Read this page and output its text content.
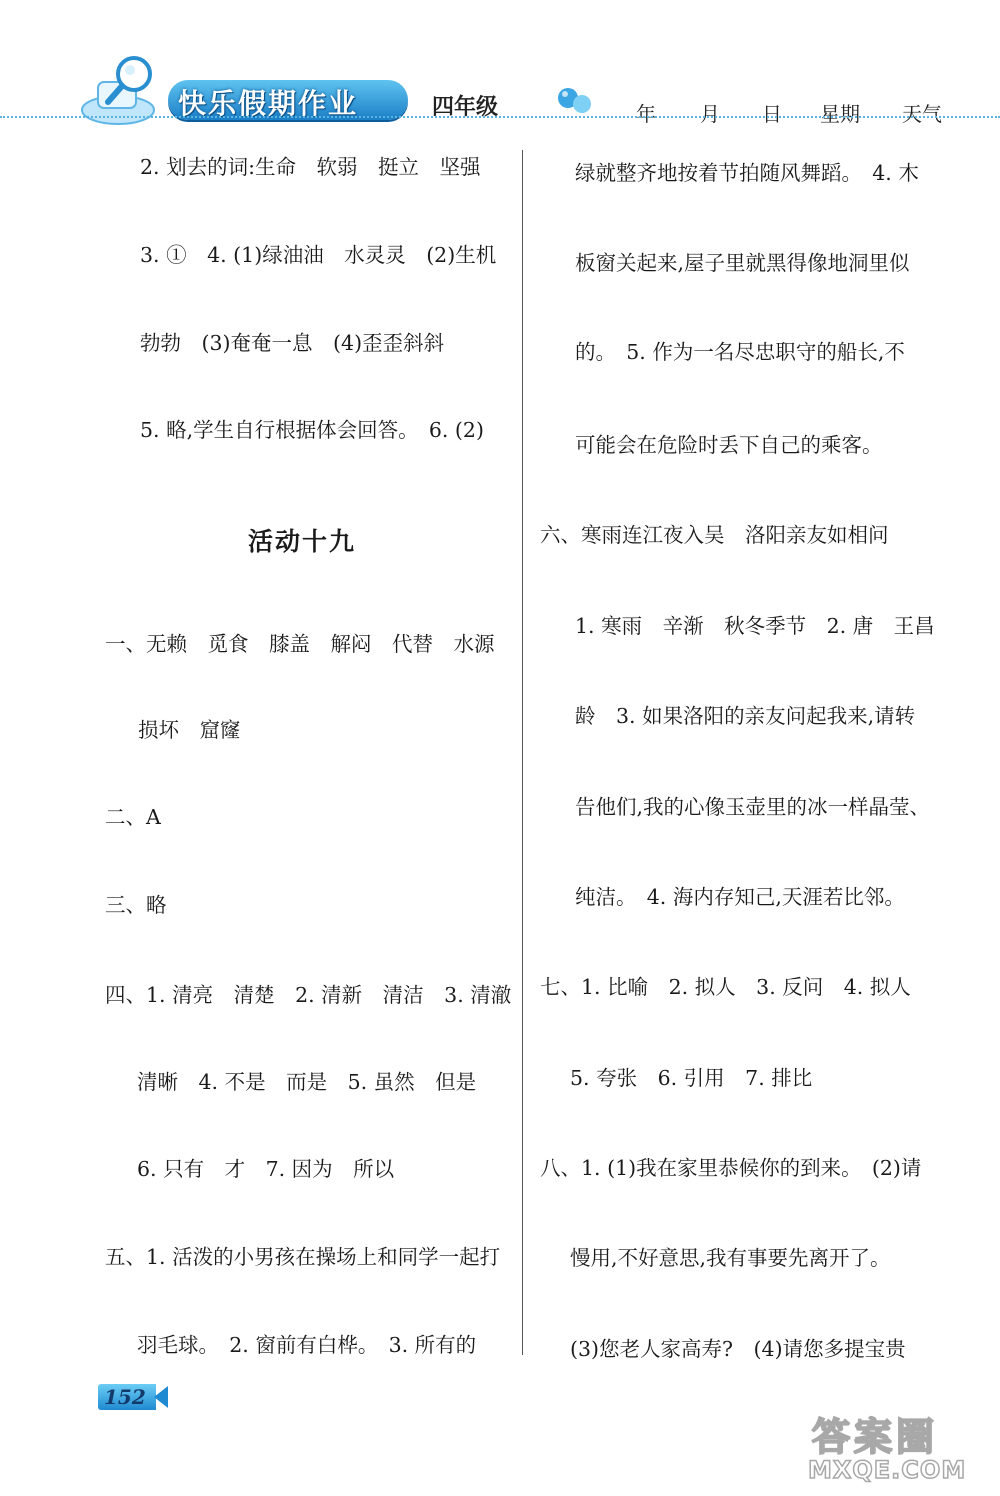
快乐假期作业	四年级	年 月 日 星期 天气
2. 划去的词:生命　软弱　挺立　坚强
3. ①　4. (1)绿油油　水灵灵　(2)生机
勃勃　(3)奄奄一息　(4)歪歪斜斜
5. 略,学生自行根据体会回答。　6. (2)
活动十九
一、无赖　觅食　膝盖　解闷　代替　水源
损坏　窟窿
二、A
三、略
四、1. 清亮　清楚　2. 清新　清洁　3. 清澈
清晰　4. 不是　而是　5. 虽然　但是
6. 只有　才　7. 因为　所以
五、1. 活泼的小男孩在操场上和同学一起打
羽毛球。　2. 窗前有白桦。　3. 所有的
绿就整齐地按着节拍随风舞蹈。　4. 木
板窗关起来,屋子里就黑得像地洞里似
的。　5. 作为一名尽忠职守的船长,不
可能会在危险时丢下自己的乘客。
六、寒雨连江夜入吴　洛阳亲友如相问
1. 寒雨　辛渐　秋冬季节　2. 唐　王昌
龄　3. 如果洛阳的亲友问起我来,请转
告他们,我的心像玉壶里的冰一样晶莹、
纯洁。　4. 海内存知己,天涯若比邻。
七、1. 比喻　2. 拟人　3. 反问　4. 拟人
5. 夸张　6. 引用　7. 排比
八、1. (1)我在家里恭候你的到来。　(2)请
慢用,不好意思,我有事要先离开了。
(3)您老人家高寿?　(4)请您多提宝贵
152
答案圈
MXQE.COM
